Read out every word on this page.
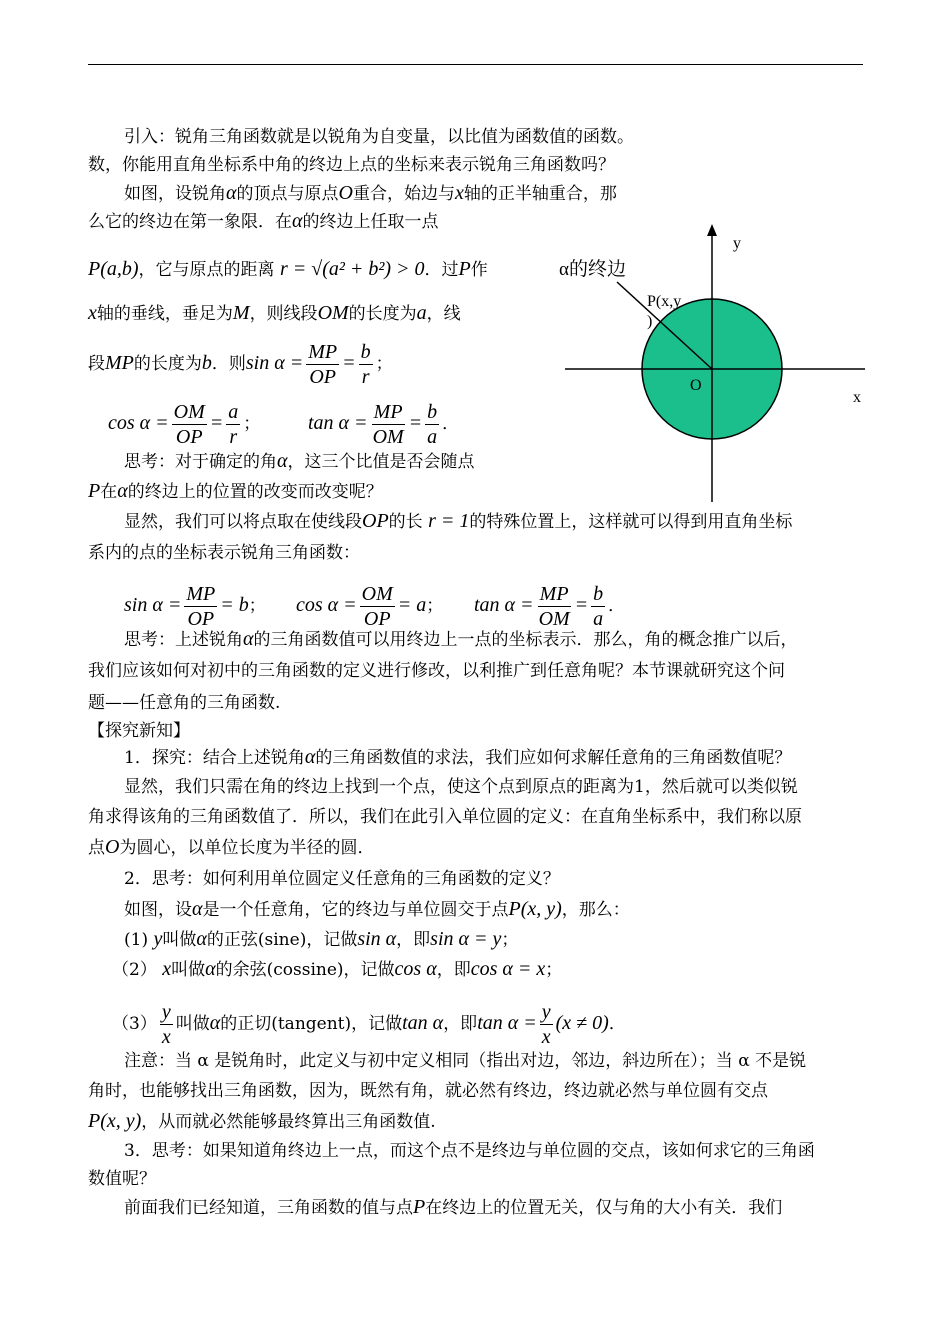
引入：锐角三角函数就是以锐角为自变量，以比值为函数值的函数。
数，你能用直角坐标系中角的终边上点的坐标来表示锐角三角函数吗？
如图，设锐角α的顶点与原点O重合，始边与x轴的正半轴重合，那
么它的终边在第一象限．在α的终边上任取一点
P(a,b)，它与原点的距离 r = √(a² + b²) > 0．过P作
x轴的垂线，垂足为M，则线段OM的长度为a，线
段MP的长度为b．则$\sin \alpha = \frac{MP}{OP} = \frac{b}{r}$ ；
$\cos \alpha = \frac{OM}{OP} = \frac{a}{r}$ ； $\tan \alpha = \frac{MP}{OM} = \frac{b}{a}$ ．
思考：对于确定的角α，这三个比值是否会随点
P在α的终边上的位置的改变而改变呢？
显然，我们可以将点取在使线段OP的长 r = 1的特殊位置上，这样就可以得到用直角坐标
系内的点的坐标表示锐角三角函数：
$\sin \alpha = \frac{MP}{OP} = b$； $\cos \alpha = \frac{OM}{OP} = a$； $\tan \alpha = \frac{MP}{OM} = \frac{b}{a}$ ．
思考：上述锐角α的三角函数值可以用终边上一点的坐标表示．那么，角的概念推广以后，
我们应该如何对初中的三角函数的定义进行修改，以利推广到任意角呢？本节课就研究这个问
题——任意角的三角函数.
【探究新知】
1．探究：结合上述锐角α的三角函数值的求法，我们应如何求解任意角的三角函数值呢？
显然，我们只需在角的终边上找到一个点，使这个点到原点的距离为1，然后就可以类似锐
角求得该角的三角函数值了．所以，我们在此引入单位圆的定义：在直角坐标系中，我们称以原
点O为圆心，以单位长度为半径的圆．
2．思考：如何利用单位圆定义任意角的三角函数的定义？
如图，设α是一个任意角，它的终边与单位圆交于点P(x, y)，那么：
(1) y叫做α的正弦(sine)，记做sin α，即sin α = y；
（2） x叫做α的余弦(cossine)，记做cos α，即cos α = x；
$(3) \frac{y}{x}$ 叫做α的正切(tangent)，记做tan α，即$\tan \alpha = \frac{y}{x} (x \ne 0)$．
注意：当 α 是锐角时，此定义与初中定义相同（指出对边，邻边，斜边所在）；当 α 不是锐
角时，也能够找出三角函数，因为，既然有角，就必然有终边，终边就必然与单位圆有交点
P(x, y)，从而就必然能够最终算出三角函数值.
3．思考：如果知道角终边上一点，而这个点不是终边与单位圆的交点，该如何求它的三角函
数值呢？
前面我们已经知道，三角函数的值与点P在终边上的位置无关，仅与角的大小有关．我们
α的终边
P(x,y
)
O
x
y
